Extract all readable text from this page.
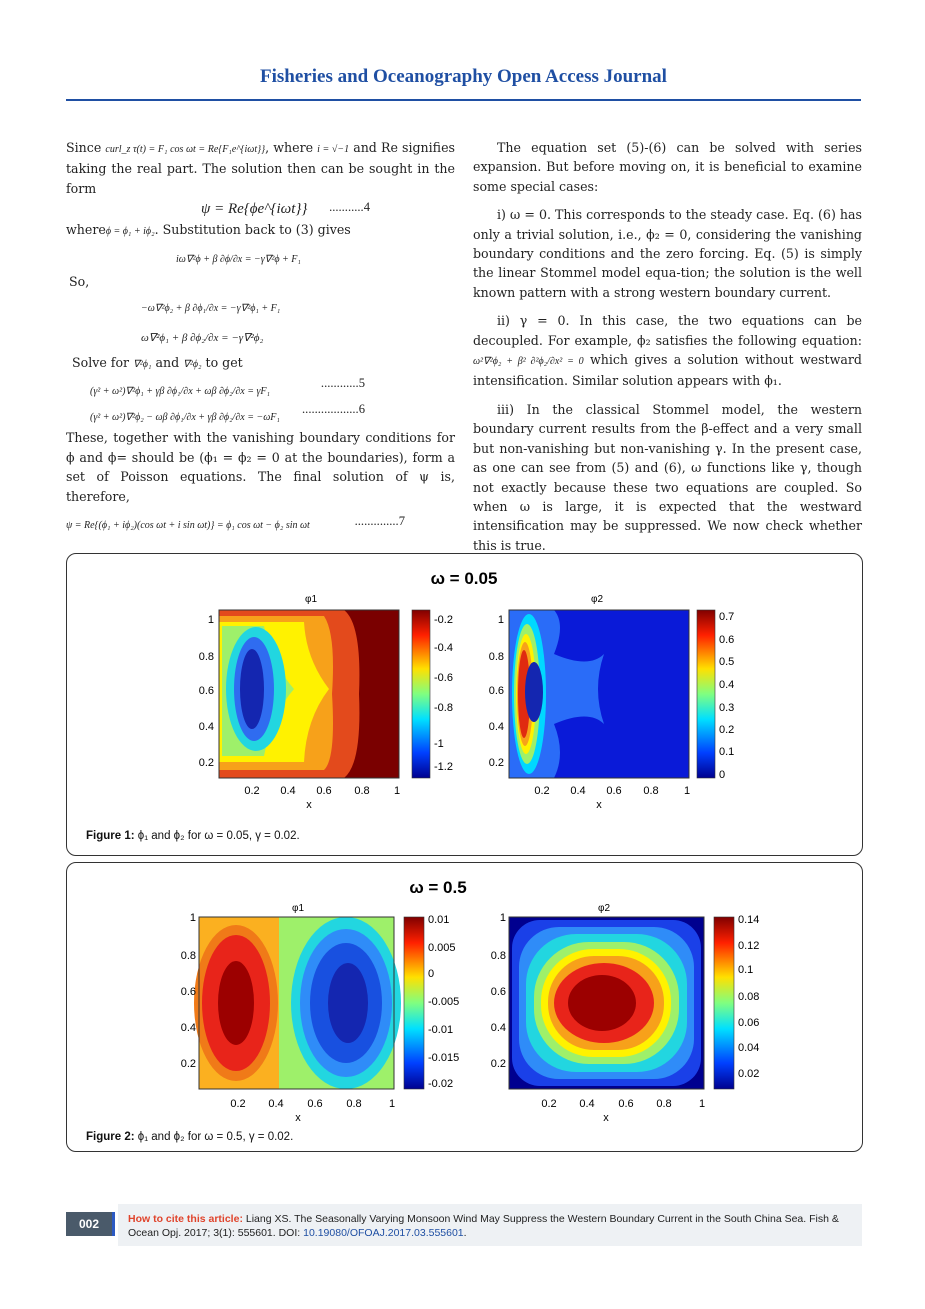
Fisheries and Oceanography Open Access Journal

Since curl_z τ(t) = F₁ cos ωt = Re{F₁e^{iωt}}, where i = √−1 and Re signifies taking the real part. The solution then can be sought in the form

ψ = Re{ϕe^{iωt}} ...........4

whereϕ = ϕ₁ + iϕ₂. Substitution back to (3) gives

iω∇²ϕ + β ∂ϕ/∂x = −γ∇²ϕ + F₁

So,

−ω∇²ϕ₂ + β ∂ϕ₁/∂x = −γ∇²ϕ₁ + F₁
ω∇²ϕ₁ + β ∂ϕ₂/∂x = −γ∇²ϕ₂

Solve for ∇²ϕ₁ and ∇²ϕ₂ to get

(γ² + ω²)∇²ϕ₁ + γβ ∂ϕ₁/∂x + ωβ ∂ϕ₂/∂x = γF₁
............5
(γ² + ω²)∇²ϕ₂ − ωβ ∂ϕ₁/∂x + γβ ∂ϕ₂/∂x = −ωF₁
..................6

These, together with the vanishing boundary conditions for ϕ and ϕ= should be (ϕ₁ = ϕ₂ = 0 at the boundaries), form a set of Poisson equations. The final solution of ψ is, therefore,

ψ = Re{(ϕ₁ + iϕ₂)(cos ωt + i sin ωt)} = ϕ₁ cos ωt − ϕ₂ sin ωt	..............7

The equation set (5)-(6) can be solved with series expansion. But before moving on, it is beneficial to examine some special cases:

i) ω = 0. This corresponds to the steady case. Eq. (6) has only a trivial solution, i.e., ϕ₂ = 0, considering the vanishing boundary conditions and the zero forcing. Eq. (5) is simply the linear Stommel model equa-tion; the solution is the well known pattern with a strong western boundary current.

ii) γ = 0. In this case, the two equations can be decoupled. For example, ϕ₂ satisfies the following equation: ω²∇²ϕ₂ + β² ∂²ϕ₂/∂x² = 0 which gives a solution without westward intensification. Similar solution appears with ϕ₁.

iii) In the classical Stommel model, the western boundary current results from the β-effect and a very small but non-vanishing but non-vanishing γ. In the present case, as one can see from (5) and (6), ω functions like γ, though not exactly because these two equations are coupled. So when ω is large, it is expected that the westward intensification may be suppressed. We now check whether this is true.

ω = 0.05
φ1
1
0.8
0.6
0.4
0.2
0.2 0.4 0.6 0.8 1
x
-0.2
-0.4
-0.6
-0.8
-1
-1.2
φ2
1
0.8
0.6
0.4
0.2
0.2 0.4 0.6 0.8 1
x
0.7
0.6
0.5
0.4
0.3
0.2
0.1
0
Figure 1: ϕ₁ and ϕ₂ for ω = 0.05, γ = 0.02.
ω = 0.5
φ1
1
0.8
0.6
0.4
0.2
0.2 0.4 0.6 0.8 1
x
0.01
0.005
0
-0.005
-0.01
-0.015
-0.02
φ2
1
0.8
0.6
0.4
0.2
0.2 0.4 0.6 0.8 1
x
0.14
0.12
0.1
0.08
0.06
0.04
0.02
Figure 2: ϕ₁ and ϕ₂ for ω = 0.5, γ = 0.02.
002	How to cite this article: Liang XS. The Seasonally Varying Monsoon Wind May Suppress the Western Boundary Current in the South China Sea. Fish & Ocean Opj. 2017; 3(1): 555601. DOI: 10.19080/OFOAJ.2017.03.555601.
